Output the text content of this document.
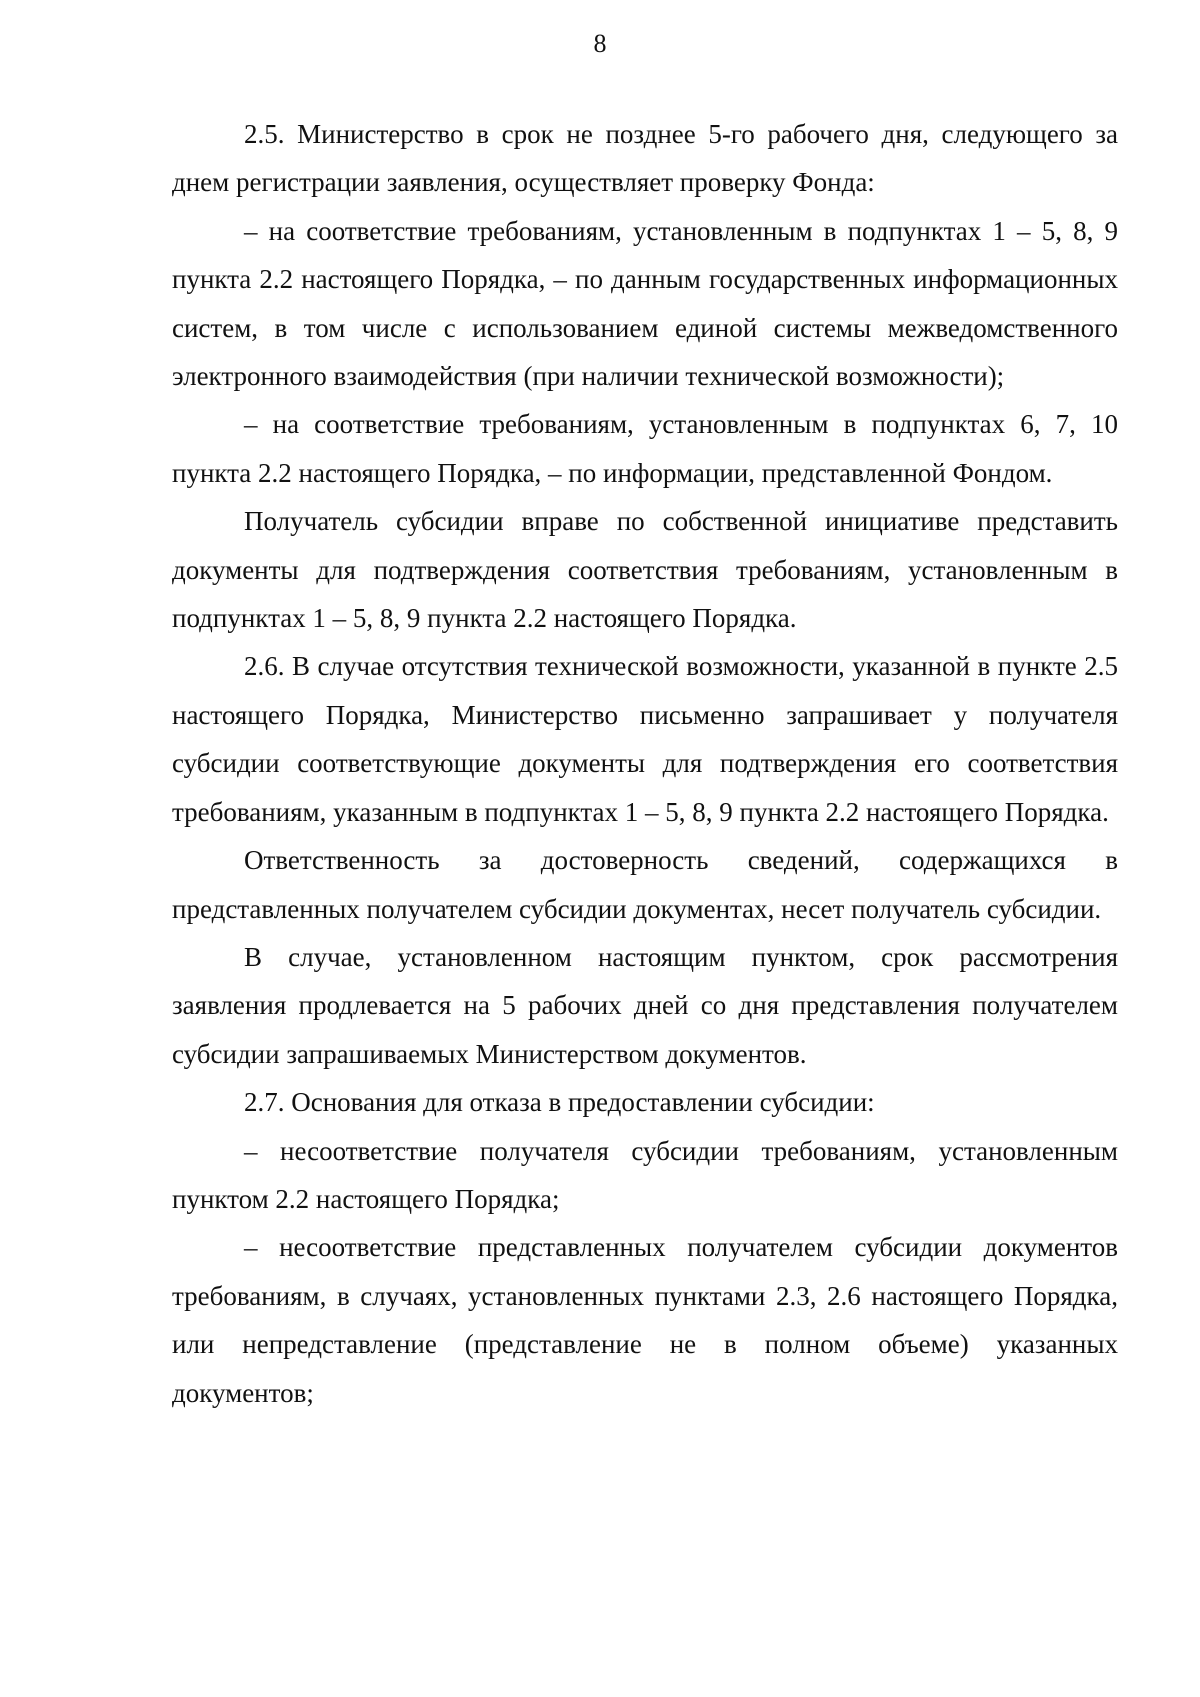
8

2.5. Министерство в срок не позднее 5-го рабочего дня, следующего за днем регистрации заявления, осуществляет проверку Фонда:

– на соответствие требованиям, установленным в подпунктах 1 – 5, 8, 9 пункта 2.2 настоящего Порядка, – по данным государственных информационных систем, в том числе с использованием единой системы межведомственного электронного взаимодействия (при наличии технической возможности);

– на соответствие требованиям, установленным в подпунктах 6, 7, 10 пункта 2.2 настоящего Порядка, – по информации, представленной Фондом.

Получатель субсидии вправе по собственной инициативе представить документы для подтверждения соответствия требованиям, установленным в подпунктах 1 – 5, 8, 9 пункта 2.2 настоящего Порядка.

2.6. В случае отсутствия технической возможности, указанной в пункте 2.5 настоящего Порядка, Министерство письменно запрашивает у получателя субсидии соответствующие документы для подтверждения его соответствия требованиям, указанным в подпунктах 1 – 5, 8, 9 пункта 2.2 настоящего Порядка.

Ответственность за достоверность сведений, содержащихся в представленных получателем субсидии документах, несет получатель субсидии.

В случае, установленном настоящим пунктом, срок рассмотрения заявления продлевается на 5 рабочих дней со дня представления получателем субсидии запрашиваемых Министерством документов.

2.7. Основания для отказа в предоставлении субсидии:

– несоответствие получателя субсидии требованиям, установленным пунктом 2.2 настоящего Порядка;

– несоответствие представленных получателем субсидии документов требованиям, в случаях, установленных пунктами 2.3, 2.6 настоящего Порядка, или непредставление (представление не в полном объеме) указанных документов;
